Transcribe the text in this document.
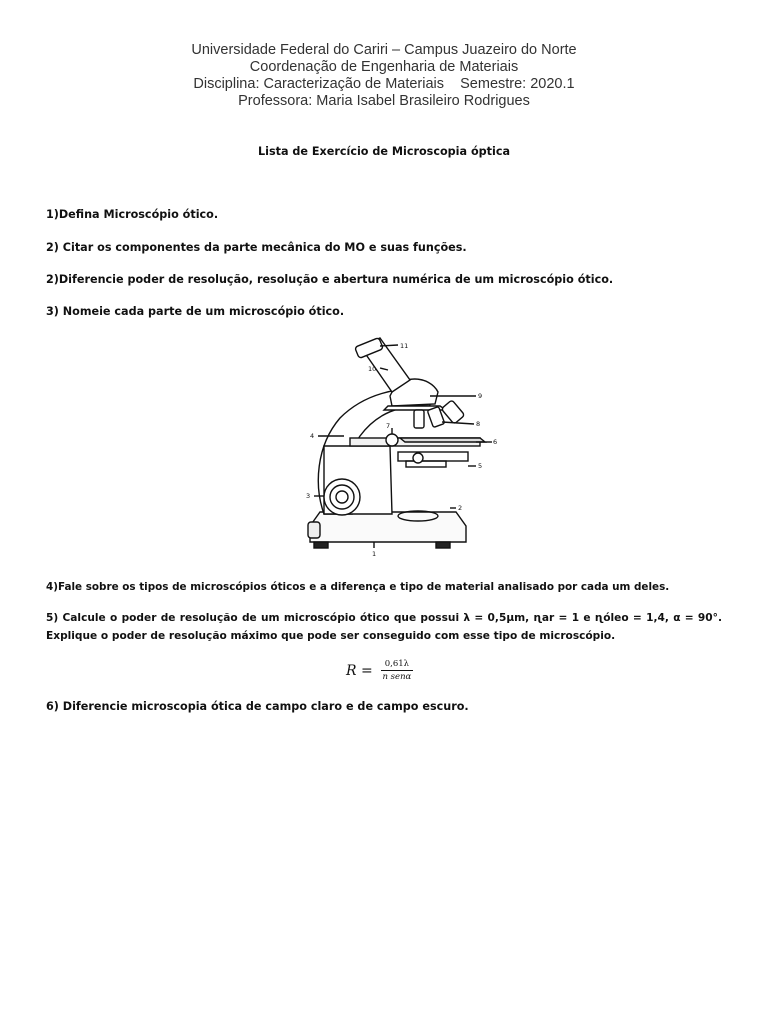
Universidade Federal do Cariri – Campus Juazeiro do Norte
Coordenação de Engenharia de Materiais
Disciplina: Caracterização de Materiais    Semestre: 2020.1
Professora: Maria Isabel Brasileiro Rodrigues
Lista de Exercício de Microscopia óptica
1)Defina Microscópio ótico.
2) Citar os componentes da parte mecânica do MO e suas funções.
2)Diferencie poder de resolução, resolução e abertura numérica de um microscópio ótico.
3) Nomeie cada parte de um microscópio ótico.
11
10
9
8
7
6
5
4
3
2
1
4)Fale sobre os tipos de microscópios óticos e a diferença e tipo de material analisado por cada um deles.
5) Calcule o poder de resolução de um microscópio ótico que possui λ = 0,5μm, ɳar = 1 e ɳóleo = 1,4, α = 90°.
Explique o poder de resolução máximo que pode ser conseguido com esse tipo de microscópio.
$R = \frac{0,61\lambda}{\text{n senα}}$
6) Diferencie microscopia ótica de campo claro e de campo escuro.
